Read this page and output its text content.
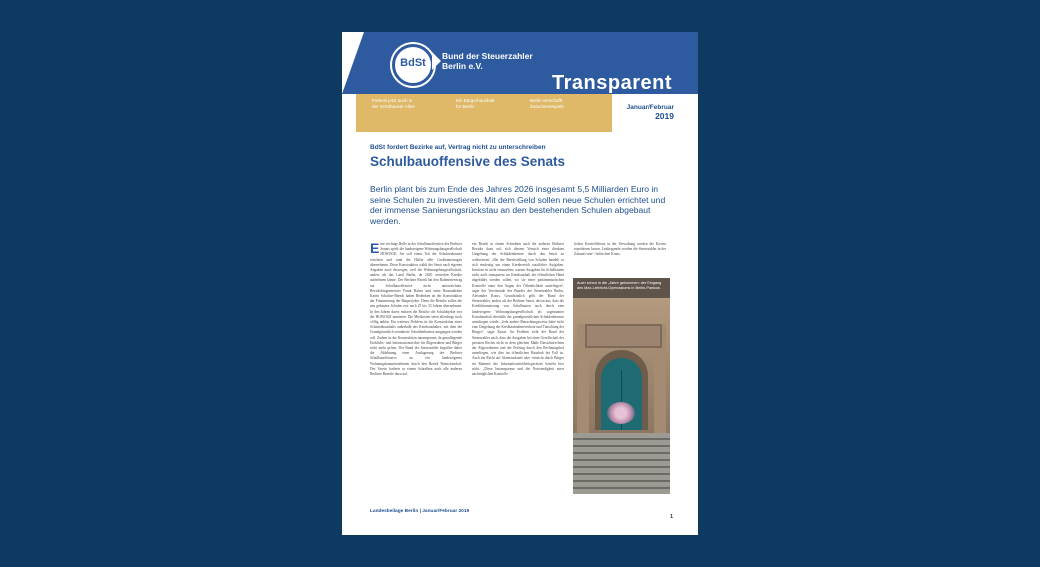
BdSt
Bund der Steuerzahler
Berlin e.V.
Transparent
Parkeis jetzt auch in
der Schöhauser Allee
Ein Bürgerhaushalt
für Berlin
Berlin verschafft
Zwischenrespekt	Januar/Februar
2019
BdSt fordert Bezirke auf, Vertrag nicht zu unterschreiben
Schulbauoffensive des Senats
Berlin plant bis zum Ende des Jahres 2026 insgesamt 5,5 Milliarden Euro in seine Schulen zu investieren. Mit dem Geld sollen neue Schulen errichtet und der immense Sanierungsrückstau an den bestehenden Schulen abgebaut werden.
Eine wichtige Rolle in der Schulbauoffensive des Berliner Senats spielt die landeseigene Wohnungsbaugesellschaft HOWOGE. Sie soll einen Teil der Schulneubauten errichten und rund die Hälfte aller Großsanierungen übernehmen. Diese Konstruktion wählt der Senat nach eigenen Angaben auch deswegen, weil die Wohnungsbaugesellschaft, anders als das Land Berlin, ab 2020 weiterhin Kredite aufnehmen könne. Der Berliner Bezirk hat den Rahmenvertrag zur Schulbauoffensive nicht unterzeichnet. Bezirksbürgermeister Frank Balzer und seine Baustadträtin Katrin Schultze-Berndt haben Bedenken an der Konstruktion der Finanzierung der Bauprojekte. Denn die Bezirke sollen die neu gebauten Schulen erst nach 25 bis 33 Jahren übernehmen. In den Jahren davor müssen die Bezirke die Schulobjekte von der HOWOGE anmieten. Die Mietkosten seien allerdings noch völlig unklar. Ein weiteres Problem ist die Konstruktion eines Schattenhaushalts außerhalb des Kernhaushaltes, mit dem die Grundgesetzlich verankerte Schuldenbremse umgangen werden soll. Zudem ist die Konstruktion intransparent, da grundlegende Einblicks- und Informationsrechte für Abgeordnete und Bürger nicht mehr gelten. Der Bund der Steuerzahler begrüßte daher die Ablehnung einer Auslagerung der Berliner Schulbauoffensive an ein landeseigenes Wohnungsbauunternehmen durch den Bezirk Reinickendorf. Der Verein forderte in einem Schreiben auch alle anderen Berliner Bezirke dazu auf.
ein Bezirk in einem Schreiben auch die anderen Berliner Bezirke dazu auf, sich diesem Versuch einer direkten Umgehung der Schuldenbremse durch den Senat zu widersetzen. „Bei der Bereitstellung von Schulen handelt es sich eindeutig um einen Kernbereich staatlicher Aufgaben. Insofern ist nicht einzusehen, warum Ausgaben für Schulbauten nicht auch transparent im Kernhaushalt der öffentlichen Hand abgebildet werden sollen, wo sie einer parlamentarischen Kontrolle unter den Augen der Öffentlichkeit unterliegen“, sagte der Vorsitzende des Bundes der Steuerzahler Berlin, Alexander Kraus. Grundsätzlich geht der Bund der Steuerzahler, anders als der Berliner Senat, davon aus, dass die Kreditfinanzierung von Schulbauten auch durch eine landeseigene Wohnungsbaugesellschaft als sogenannter Extrahaushalt ebenfalls der grundgesetzlichen Schuldenbremse unterliegen würde. „Jede andere Betrachtungsweise hätte nicht eine Umgehung der Kreditaufnahmeverbote und Täuschung der Bürger“, sagte Kraus. An Problem sieht der Bund der Steuerzahler auch, dass die Ausgaben bei einer Gesellschaft der privaten Rechts nicht in dem gleichen Maße Einsichtsrechten der Abgeordneten und der Prüfung durch den Rechnungshof unterliegen, wie dies im öffentlichen Haushalt der Fall ist. Auch ein Recht auf Aktenauskunft oder -einsicht durch Bürger im Rahmen des Informationsfreiheitsgesetzes besteht hier nicht. „Diese Intransparenz und die Notwendigkeit einer nachträglichen Kontrolle
lichen Kontrollebene in der Verwaltung werden die Kosten erprobterm lassen. Leidtragende werden die Steuerzahler in der Zukunft sein“, befürchtet Kraus.
Auch schon in die „Jahre gekommen: der Eingang des Max-Liebricht-Gymnasiums in Berlin-Pankow.
Landesbeilage Berlin | Januar/Februar 2019
1
